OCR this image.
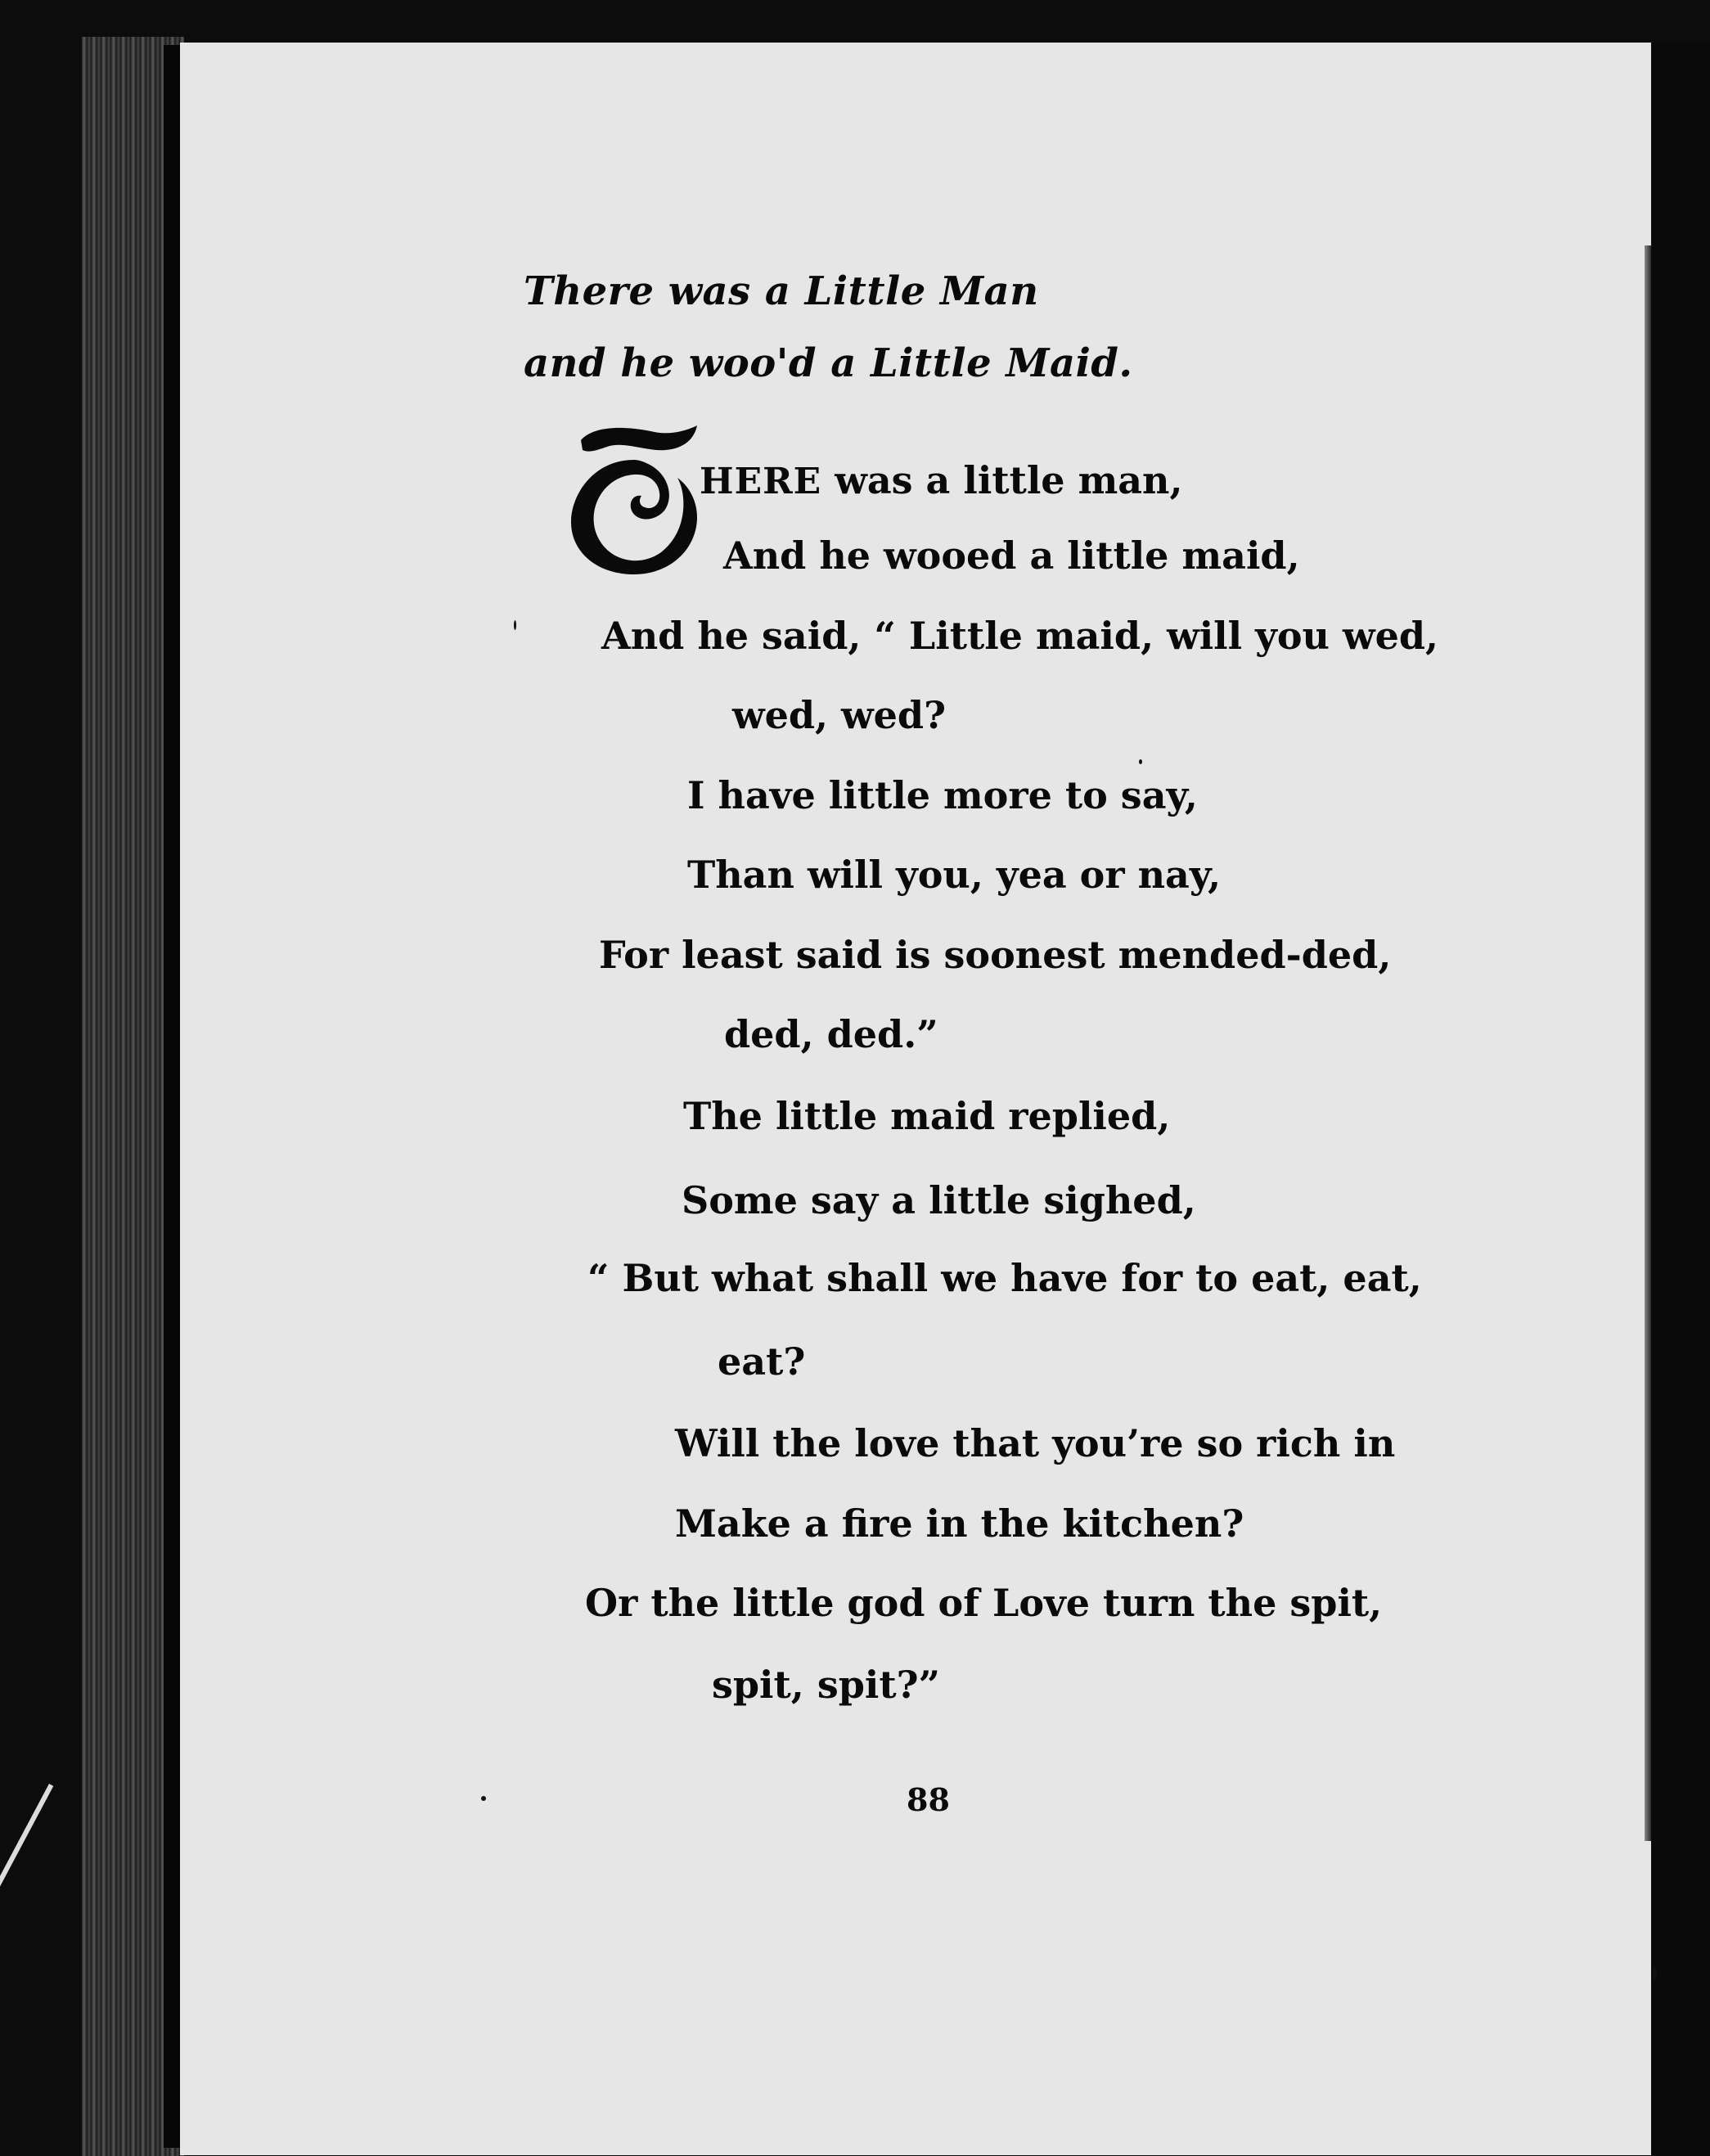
There was a Little Man
and he woo'd a Little Maid.

HERE was a little man,

And he wooed a little maid,

And he said, “ Little maid, will you wed,

wed, wed?

I have little more to say,

Than will you, yea or nay,

For least said is soonest mended-ded,

ded, ded.”

The little maid replied,

Some say a little sighed,

“ But what shall we have for to eat, eat,

eat?

Will the love that you’re so rich in

Make a fire in the kitchen?

Or the little god of Love turn the spit,

spit, spit?”

88
